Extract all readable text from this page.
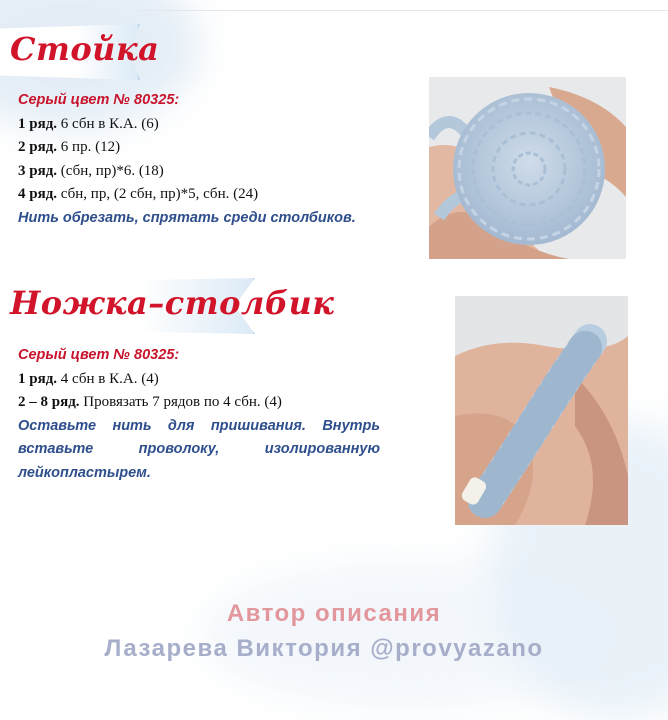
Стойка
Серый цвет № 80325:
1 ряд. 6 сбн в К.А. (6)
2 ряд. 6 пр. (12)
3 ряд. (сбн, пр)*6. (18)
4 ряд. сбн, пр, (2 сбн, пр)*5, сбн. (24)
Нить обрезать, спрятать среди столбиков.
Ножка–столбик
Серый цвет № 80325:
1 ряд. 4 сбн в К.А. (4)
2 – 8 ряд. Провязать 7 рядов по 4 сбн. (4)
Оставьте нить для пришивания. Внутрь вставьте проволоку, изолированную лейкопластырем.
Автор описания
Лазарева Виктория @provyazano
